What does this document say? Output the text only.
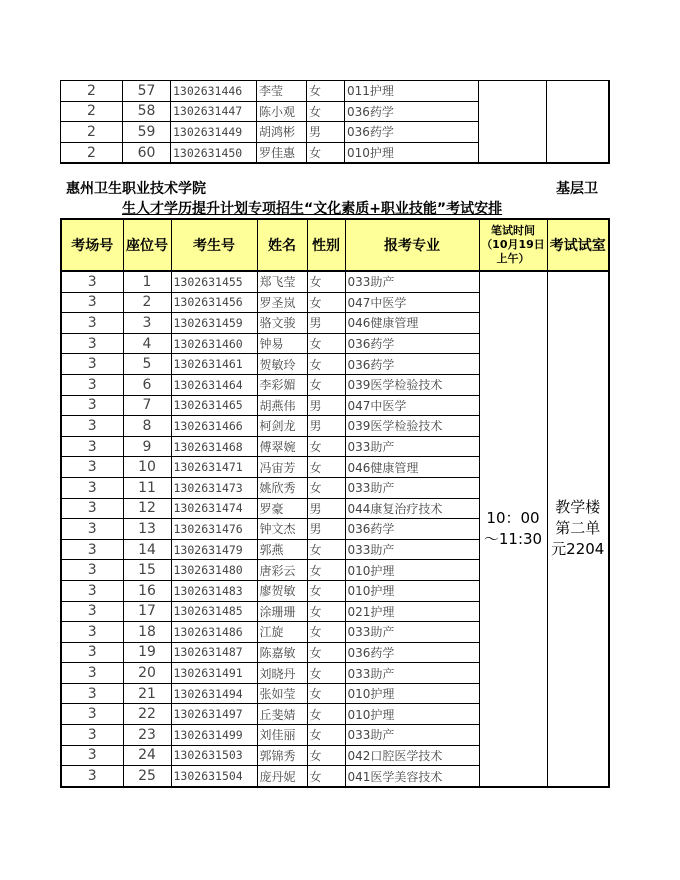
2	57	1302631446	李莹	女	011护理		
2	58	1302631447	陈小观	女	036药学		
2	59	1302631449	胡鸿彬	男	036药学		
2	60	1302631450	罗佳惠	女	010护理		
惠州卫生职业技术学院	基层卫
生人才学历提升计划专项招生“文化素质+职业技能”考试安排
考场号	座位号	考生号	姓名	性别	报考专业	笔试时间（10月19日上午）	考试试室
3	1	1302631455	郑飞莹	女	033助产	10：00～11:30	教学楼第二单元2204
3	2	1302631456	罗圣岚	女	047中医学		
3	3	1302631459	骆文骏	男	046健康管理		
3	4	1302631460	钟易	女	036药学		
3	5	1302631461	贺敏玲	女	036药学		
3	6	1302631464	李彩媚	女	039医学检验技术		
3	7	1302631465	胡燕伟	男	047中医学		
3	8	1302631466	柯剑龙	男	039医学检验技术		
3	9	1302631468	傅翠婉	女	033助产		
3	10	1302631471	冯宙芳	女	046健康管理		
3	11	1302631473	姚欣秀	女	033助产		
3	12	1302631474	罗豪	男	044康复治疗技术		
3	13	1302631476	钟文杰	男	036药学		
3	14	1302631479	郭燕	女	033助产		
3	15	1302631480	唐彩云	女	010护理		
3	16	1302631483	廖贺敏	女	010护理		
3	17	1302631485	涂珊珊	女	021护理		
3	18	1302631486	江旋	女	033助产		
3	19	1302631487	陈嘉敏	女	036药学		
3	20	1302631491	刘晓丹	女	033助产		
3	21	1302631494	张如莹	女	010护理		
3	22	1302631497	丘斐婧	女	010护理		
3	23	1302631499	刘佳丽	女	033助产		
3	24	1302631503	郭锦秀	女	042口腔医学技术		
3	25	1302631504	庞丹妮	女	041医学美容技术		
